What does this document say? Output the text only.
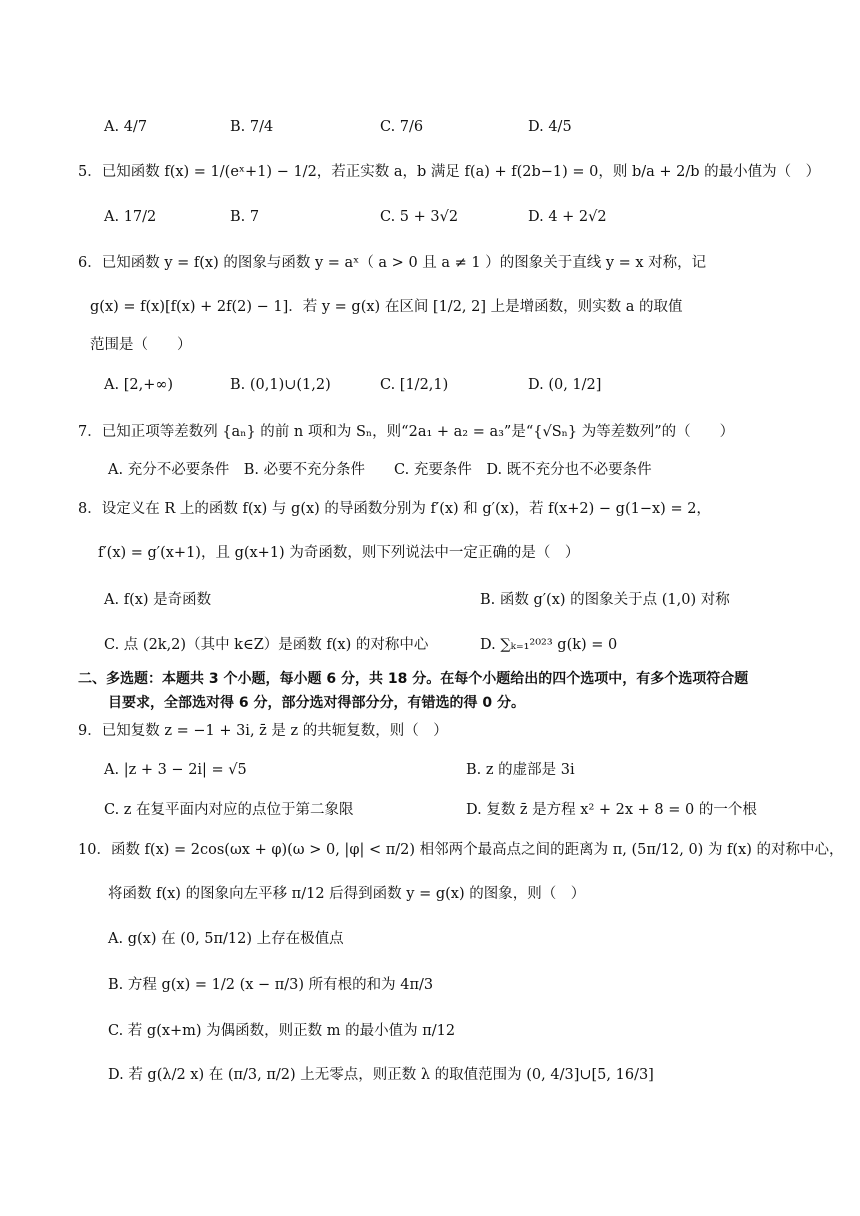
A. 4/7	B. 7/4	C. 7/6	D. 4/5
5．已知函数 f(x) = 1/(eˣ+1) − 1/2，若正实数 a，b 满足 f(a) + f(2b−1) = 0，则 b/a + 2/b 的最小值为（　）
A. 17/2	B. 7	C. 5 + 3√2	D. 4 + 2√2
6．已知函数 y = f(x) 的图象与函数 y = aˣ（ a > 0 且 a ≠ 1 ）的图象关于直线 y = x 对称，记
g(x) = f(x)[f(x) + 2f(2) − 1]．若 y = g(x) 在区间 [1/2, 2] 上是增函数，则实数 a 的取值
范围是（　　）
A. [2,+∞)	B. (0,1)∪(1,2)	C. [1/2,1)	D. (0, 1/2]
7．已知正项等差数列 {aₙ} 的前 n 项和为 Sₙ，则“2a₁ + a₂ = a₃”是“{√Sₙ} 为等差数列”的（　　）
A. 充分不必要条件　B. 必要不充分条件　　C. 充要条件　D. 既不充分也不必要条件
8．设定义在 R 上的函数 f(x) 与 g(x) 的导函数分别为 f′(x) 和 g′(x)，若 f(x+2) − g(1−x) = 2，
f′(x) = g′(x+1)，且 g(x+1) 为奇函数，则下列说法中一定正确的是（　）
A. f(x) 是奇函数	B. 函数 g′(x) 的图象关于点 (1,0) 对称
C. 点 (2k,2)（其中 k∈Z）是函数 f(x) 的对称中心	D. ∑ₖ₌₁²⁰²³ g(k) = 0
二、多选题：本题共 3 个小题，每小题 6 分，共 18 分。在每个小题给出的四个选项中，有多个选项符合题
目要求，全部选对得 6 分，部分选对得部分分，有错选的得 0 分。
9．已知复数 z = −1 + 3i, z̄ 是 z 的共轭复数，则（　）
A. |z + 3 − 2i| = √5	B. z 的虚部是 3i
C. z 在复平面内对应的点位于第二象限	D. 复数 z̄ 是方程 x² + 2x + 8 = 0 的一个根
10．函数 f(x) = 2cos(ωx + φ)(ω > 0, |φ| < π/2) 相邻两个最高点之间的距离为 π, (5π/12, 0) 为 f(x) 的对称中心，
将函数 f(x) 的图象向左平移 π/12 后得到函数 y = g(x) 的图象，则（　）
A. g(x) 在 (0, 5π/12) 上存在极值点
B. 方程 g(x) = 1/2 (x − π/3) 所有根的和为 4π/3
C. 若 g(x+m) 为偶函数，则正数 m 的最小值为 π/12
D. 若 g(λ/2 x) 在 (π/3, π/2) 上无零点，则正数 λ 的取值范围为 (0, 4/3]∪[5, 16/3]
